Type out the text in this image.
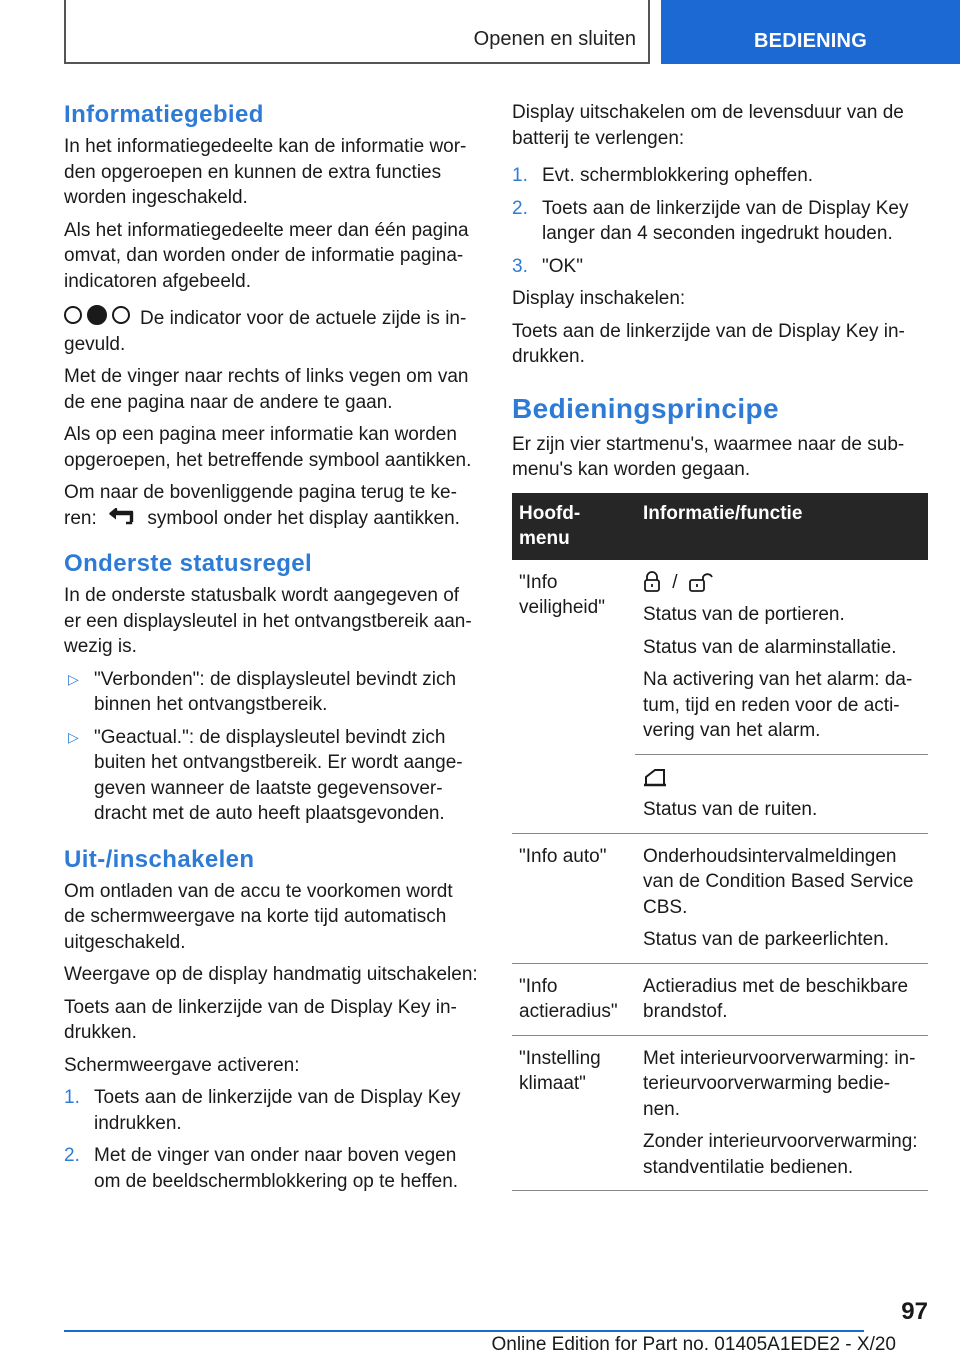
Openen en sluiten	BEDIENING
Informatiegebied

In het informatiegedeelte kan de informatie wor-den opgeroepen en kunnen de extra functies worden ingeschakeld.

Als het informatiegedeelte meer dan één pagina omvat, dan worden onder de informatie pagina-indicatoren afgebeeld.

De indicator voor de actuele zijde is in-gevuld.

Met de vinger naar rechts of links vegen om van de ene pagina naar de andere te gaan.

Als op een pagina meer informatie kan worden opgeroepen, het betreffende symbool aantikken.

Om naar de bovenliggende pagina terug te ke-ren:	symbool onder het display aantikken.

Onderste statusregel

In de onderste statusbalk wordt aangegeven of er een displaysleutel in het ontvangstbereik aan-wezig is.

▷ "Verbonden": de displaysleutel bevindt zich binnen het ontvangstbereik.
▷ "Geactual.": de displaysleutel bevindt zich buiten het ontvangstbereik. Er wordt aange-geven wanneer de laatste gegevensover-dracht met de auto heeft plaatsgevonden.
Uit-/inschakelen

Om ontladen van de accu te voorkomen wordt de schermweergave na korte tijd automatisch uitgeschakeld.

Weergave op de display handmatig uitschakelen:

Toets aan de linkerzijde van de Display Key in-drukken.

Schermweergave activeren:

1. Toets aan de linkerzijde van de Display Key indrukken.
2. Met de vinger van onder naar boven vegen om de beeldschermblokkering op te heffen.

Display uitschakelen om de levensduur van de batterij te verlengen:

1. Evt. schermblokkering opheffen.
2. Toets aan de linkerzijde van de Display Key langer dan 4 seconden ingedrukt houden.
3. "OK"

Display inschakelen:

Toets aan de linkerzijde van de Display Key in-drukken.

Bedieningsprincipe

Er zijn vier startmenu's, waarmee naar de sub-menu's kan worden gegaan.

Hoofd-menu	Informatie/functie
"Info veiligheid"	/

Status van de portieren.

Status van de alarminstallatie.

Na activering van het alarm: da-tum, tijd en reden voor de acti-vering van het alarm.

Status van de ruiten.

"Info auto"	Onderhoudsintervalmeldingen van de Condition Based Service CBS.

Status van de parkeerlichten.

"Info actieradius"	Actieradius met de beschikbare brandstof.

"Instelling klimaat"	Met interieurvoorverwarming: in-terieurvoorverwarming bedie-nen.

Zonder interieurvoorverwarming: standventilatie bedienen.

97
Online Edition for Part no. 01405A1EDE2 - X/20
